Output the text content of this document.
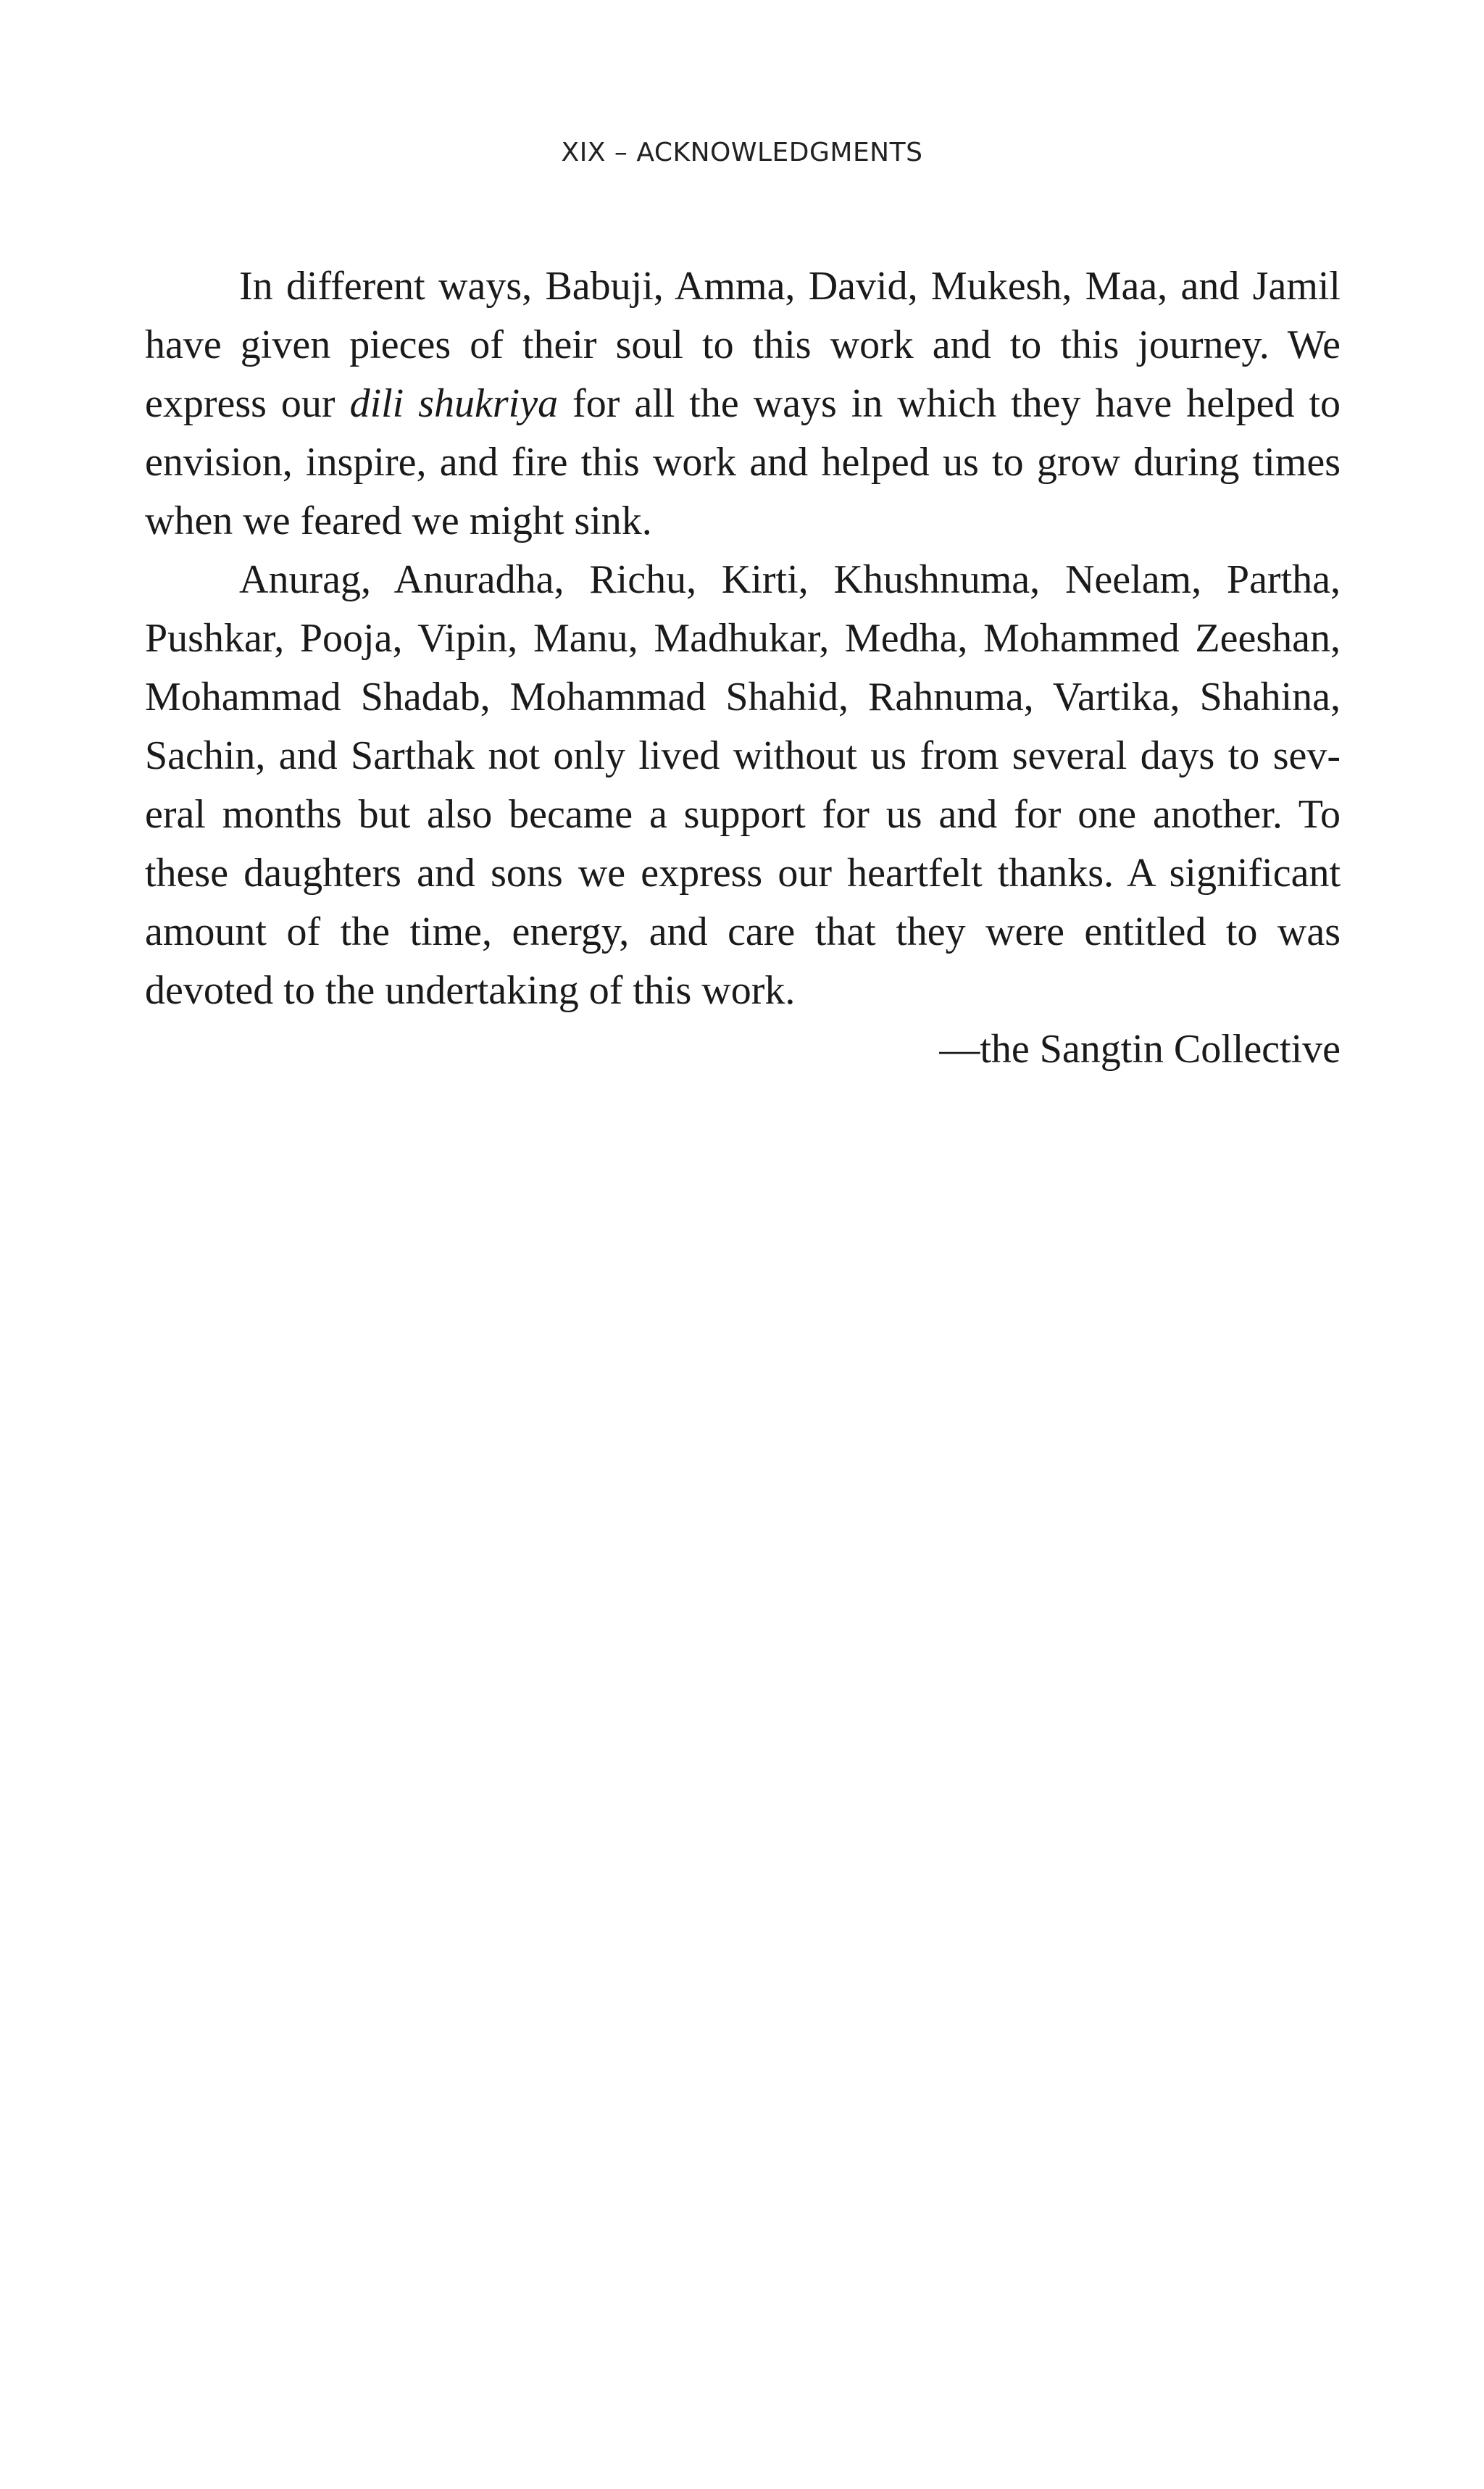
XIX – ACKNOWLEDGMENTS

In different ways, Babuji, Amma, David, Mukesh, Maa, and Jamil have given pieces of their soul to this work and to this journey. We express our dili shukriya for all the ways in which they have helped to envision, inspire, and fire this work and helped us to grow during times when we feared we might sink.

Anurag, Anuradha, Richu, Kirti, Khushnuma, Neelam, Partha, Pushkar, Pooja, Vipin, Manu, Madhukar, Medha, Mohammed Zeeshan, Mohammad Shadab, Mohammad Shahid, Rahnuma, Vartika, Shahina, Sachin, and Sarthak not only lived without us from several days to several months but also became a support for us and for one another. To these daughters and sons we express our heartfelt thanks. A significant amount of the time, energy, and care that they were entitled to was devoted to the undertaking of this work.

—the Sangtin Collective
